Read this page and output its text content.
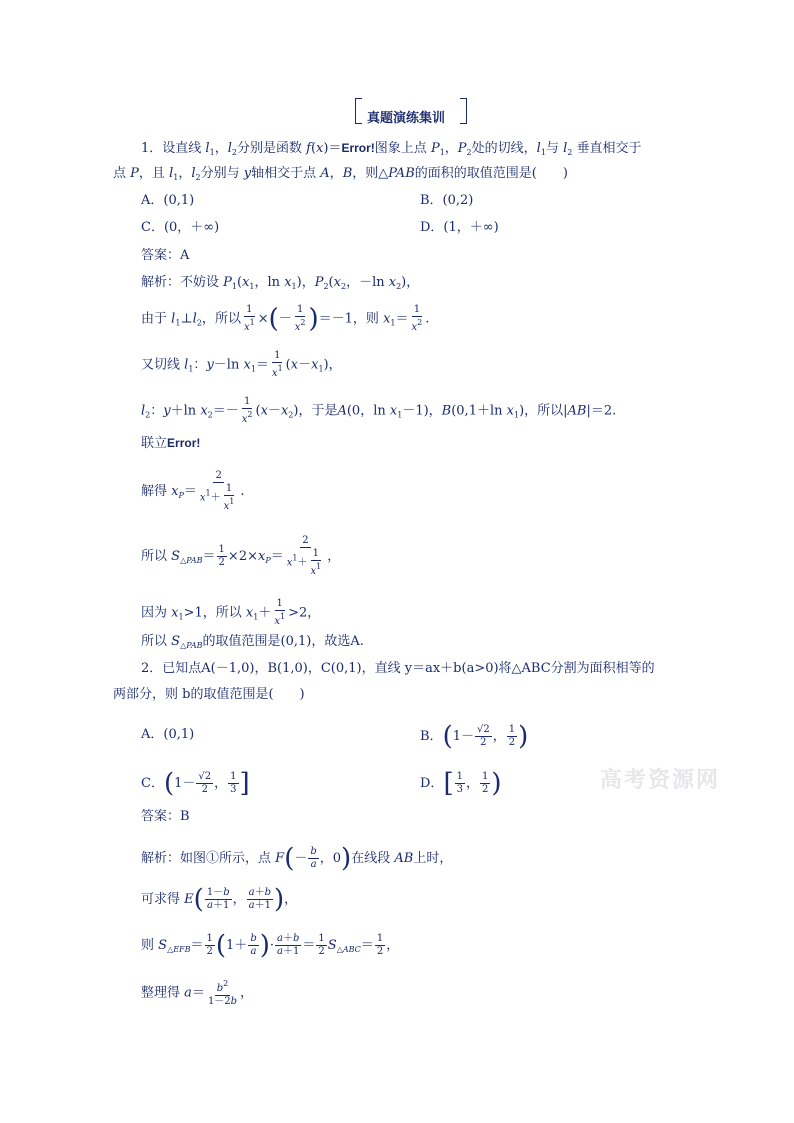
真题演练集训
1．设直线 $l_1$，$l_2$分别是函数 f(x)＝Error!图象上点 $P_1$，$P_2$处的切线，$l_1$与 $l_2$ 垂直相交于
点 P，且 $l_1$，$l_2$分别与 y轴相交于点 A，B，则△PAB的面积的取值范围是(　　)
A．(0,1)	B．(0,2)
C．(0，＋∞)	D．(1，＋∞)
答案：A
解析：不妨设 $P_1(x_1$，$\ln x_1$)，$P_2(x_2$，－ln $x_2$)，
由于 $l_1\perp l_2$，所以 $\frac{1}{x^1}$ ×(－ $\frac{1}{x^2} )=-1$，则 $x_1= \frac{1}{x^2}$ .
又切线 $l_1$：y－ln $x_1= \frac{1}{x^1} (x-x_1)$，
$l_2$：y＋ln $x_2=- \frac{1}{x^2} (x-x_2)$，于是A(0，$\ln x_1-1$)，B(0,1＋ln $x_1$)，所以|AB|＝2.
联立Error!
解得 $x_P= \frac{2}{x^1+ \frac{1}{x^1}}$ .
所以 $S_{\triangle PAB}= \frac{1}{2} \times 2\times x_P= \frac{2}{x^1+ \frac{1}{x^1}}$ ，
因为 $x_1>1$，所以 $x_1+ \frac{1}{x^1} >2$，
所以 $S_{\triangle PAB}$的取值范围是(0,1)，故选A.
2．已知点A(－1,0)，B(1,0)，C(0,1)，直线 y＝ax＋b(a>0)将△ABC分割为面积相等的
两部分，则 b的取值范围是(　　)
A．(0,1)	B．($1- \frac{√2}{2}$ ， $\frac{1}{2}$ )
C．($1- \frac{√2}{2}$ ， $\frac{1}{3}$ ]	D．[ $\frac{1}{3}$ ， $\frac{1}{2}$ )
答案：B
解析：如图①所示，点 $F(- \frac{b}{a}$ ，0)在线段 AB上时，
可求得 $E( \frac{1-b}{a+1}$ ， $\frac{a+b}{a+1}$ )，
则 $S_{\triangle EFB}= \frac{1}{2} (1+ \frac{b}{a}$ )· $\frac{a+b}{a+1} = \frac{1}{2} S_{\triangle ABC}= \frac{1}{2}$ ，
整理得 $a= \frac{b^2}{1-2b}$ ，
高考资源网
